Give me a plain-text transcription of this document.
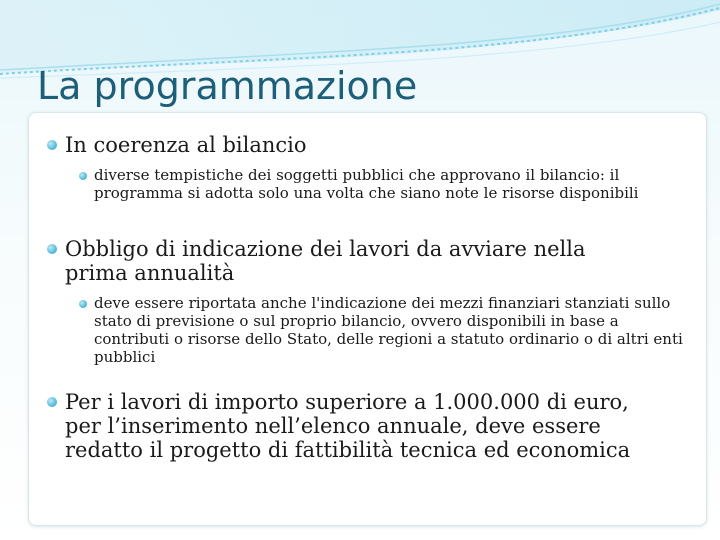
La programmazione

In coerenza al bilancio

diverse tempistiche dei soggetti pubblici che approvano il bilancio: il programma si adotta solo una volta che siano note le risorse disponibili

Obbligo di indicazione dei lavori da avviare nella prima annualità

deve essere riportata anche l'indicazione dei mezzi finanziari stanziati sullo stato di previsione o sul proprio bilancio, ovvero disponibili in base a contributi o risorse dello Stato, delle regioni a statuto ordinario o di altri enti pubblici

Per i lavori di importo superiore a 1.000.000 di euro, per l’inserimento nell’elenco annuale, deve essere redatto il progetto di fattibilità tecnica ed economica
